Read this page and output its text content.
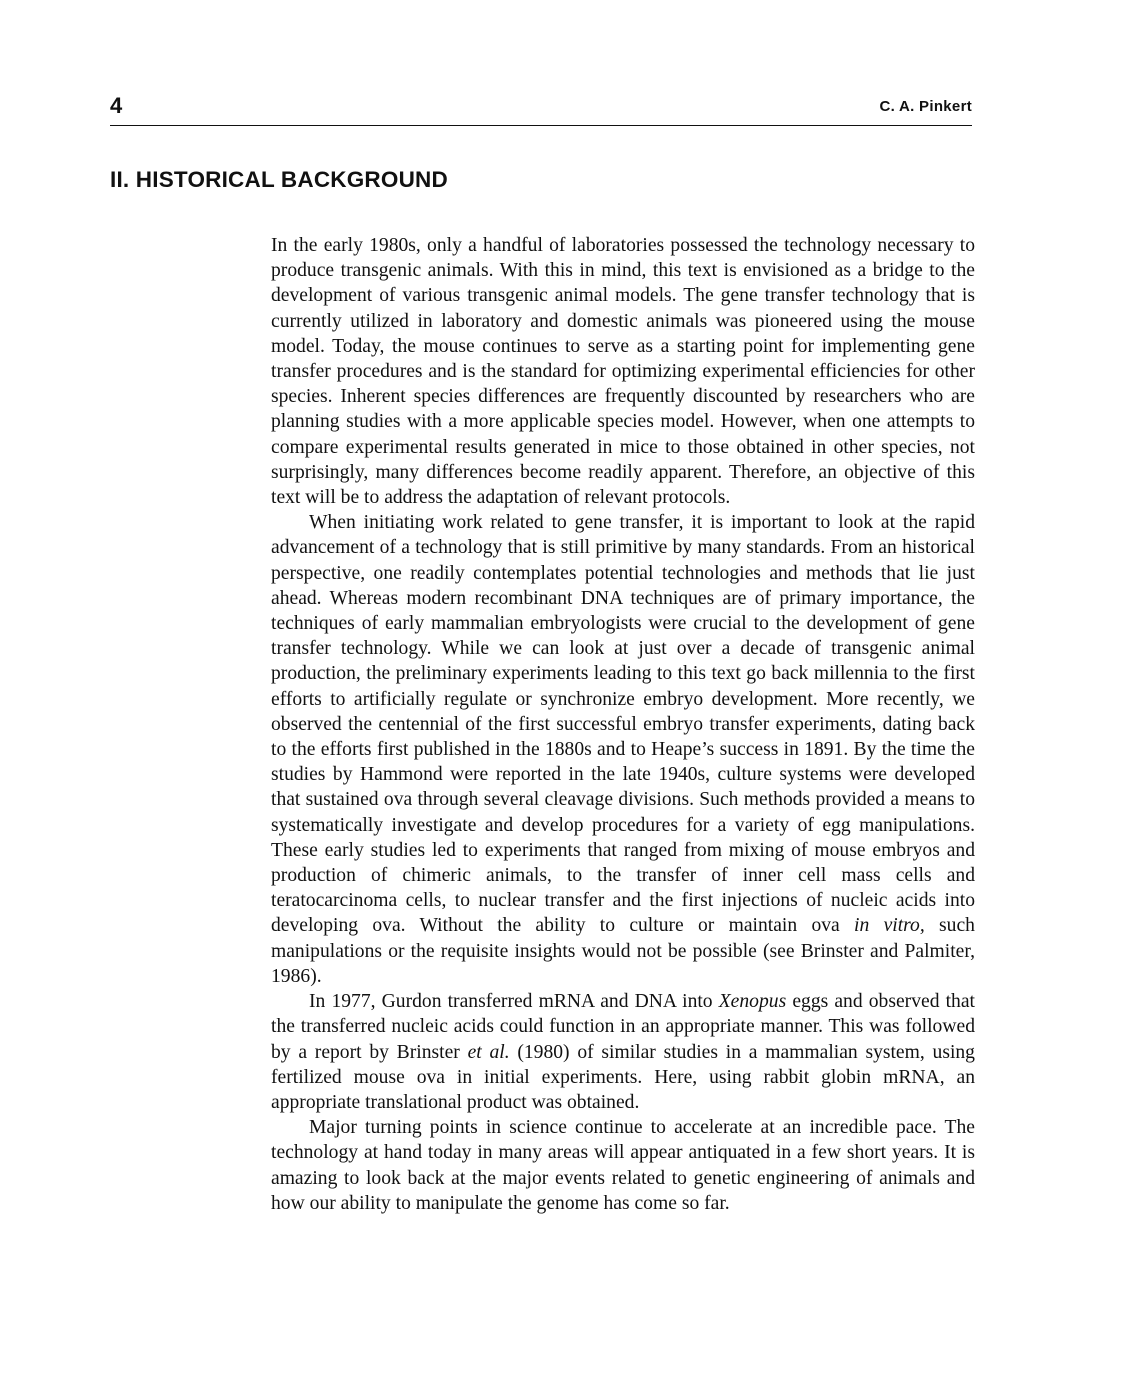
4	C. A. Pinkert
II. HISTORICAL BACKGROUND

In the early 1980s, only a handful of laboratories possessed the technology necessary to produce transgenic animals. With this in mind, this text is envisioned as a bridge to the development of various transgenic animal models. The gene transfer technology that is currently utilized in laboratory and domestic animals was pioneered using the mouse model. Today, the mouse continues to serve as a starting point for implementing gene transfer procedures and is the standard for optimizing experimental efficiencies for other species. Inherent species differences are frequently discounted by researchers who are planning studies with a more applicable species model. However, when one attempts to compare experimental results generated in mice to those obtained in other species, not surprisingly, many differences become readily apparent. Therefore, an objective of this text will be to address the adaptation of relevant protocols.

When initiating work related to gene transfer, it is important to look at the rapid advancement of a technology that is still primitive by many standards. From an historical perspective, one readily contemplates potential technologies and methods that lie just ahead. Whereas modern recombinant DNA techniques are of primary importance, the techniques of early mammalian embryologists were crucial to the development of gene transfer technology. While we can look at just over a decade of transgenic animal production, the preliminary experiments leading to this text go back millennia to the first efforts to artificially regulate or synchronize embryo development. More recently, we observed the centennial of the first successful embryo transfer experiments, dating back to the efforts first published in the 1880s and to Heape’s success in 1891. By the time the studies by Hammond were reported in the late 1940s, culture systems were developed that sustained ova through several cleavage divisions. Such methods provided a means to systematically investigate and develop procedures for a variety of egg manipulations. These early studies led to experiments that ranged from mixing of mouse embryos and production of chimeric animals, to the transfer of inner cell mass cells and teratocarcinoma cells, to nuclear transfer and the first injections of nucleic acids into developing ova. Without the ability to culture or maintain ova in vitro, such manipulations or the requisite insights would not be possible (see Brinster and Palmiter, 1986).

In 1977, Gurdon transferred mRNA and DNA into Xenopus eggs and observed that the transferred nucleic acids could function in an appropriate manner. This was followed by a report by Brinster et al. (1980) of similar studies in a mammalian system, using fertilized mouse ova in initial experiments. Here, using rabbit globin mRNA, an appropriate translational product was obtained.

Major turning points in science continue to accelerate at an incredible pace. The technology at hand today in many areas will appear antiquated in a few short years. It is amazing to look back at the major events related to genetic engineering of animals and how our ability to manipulate the genome has come so far.
